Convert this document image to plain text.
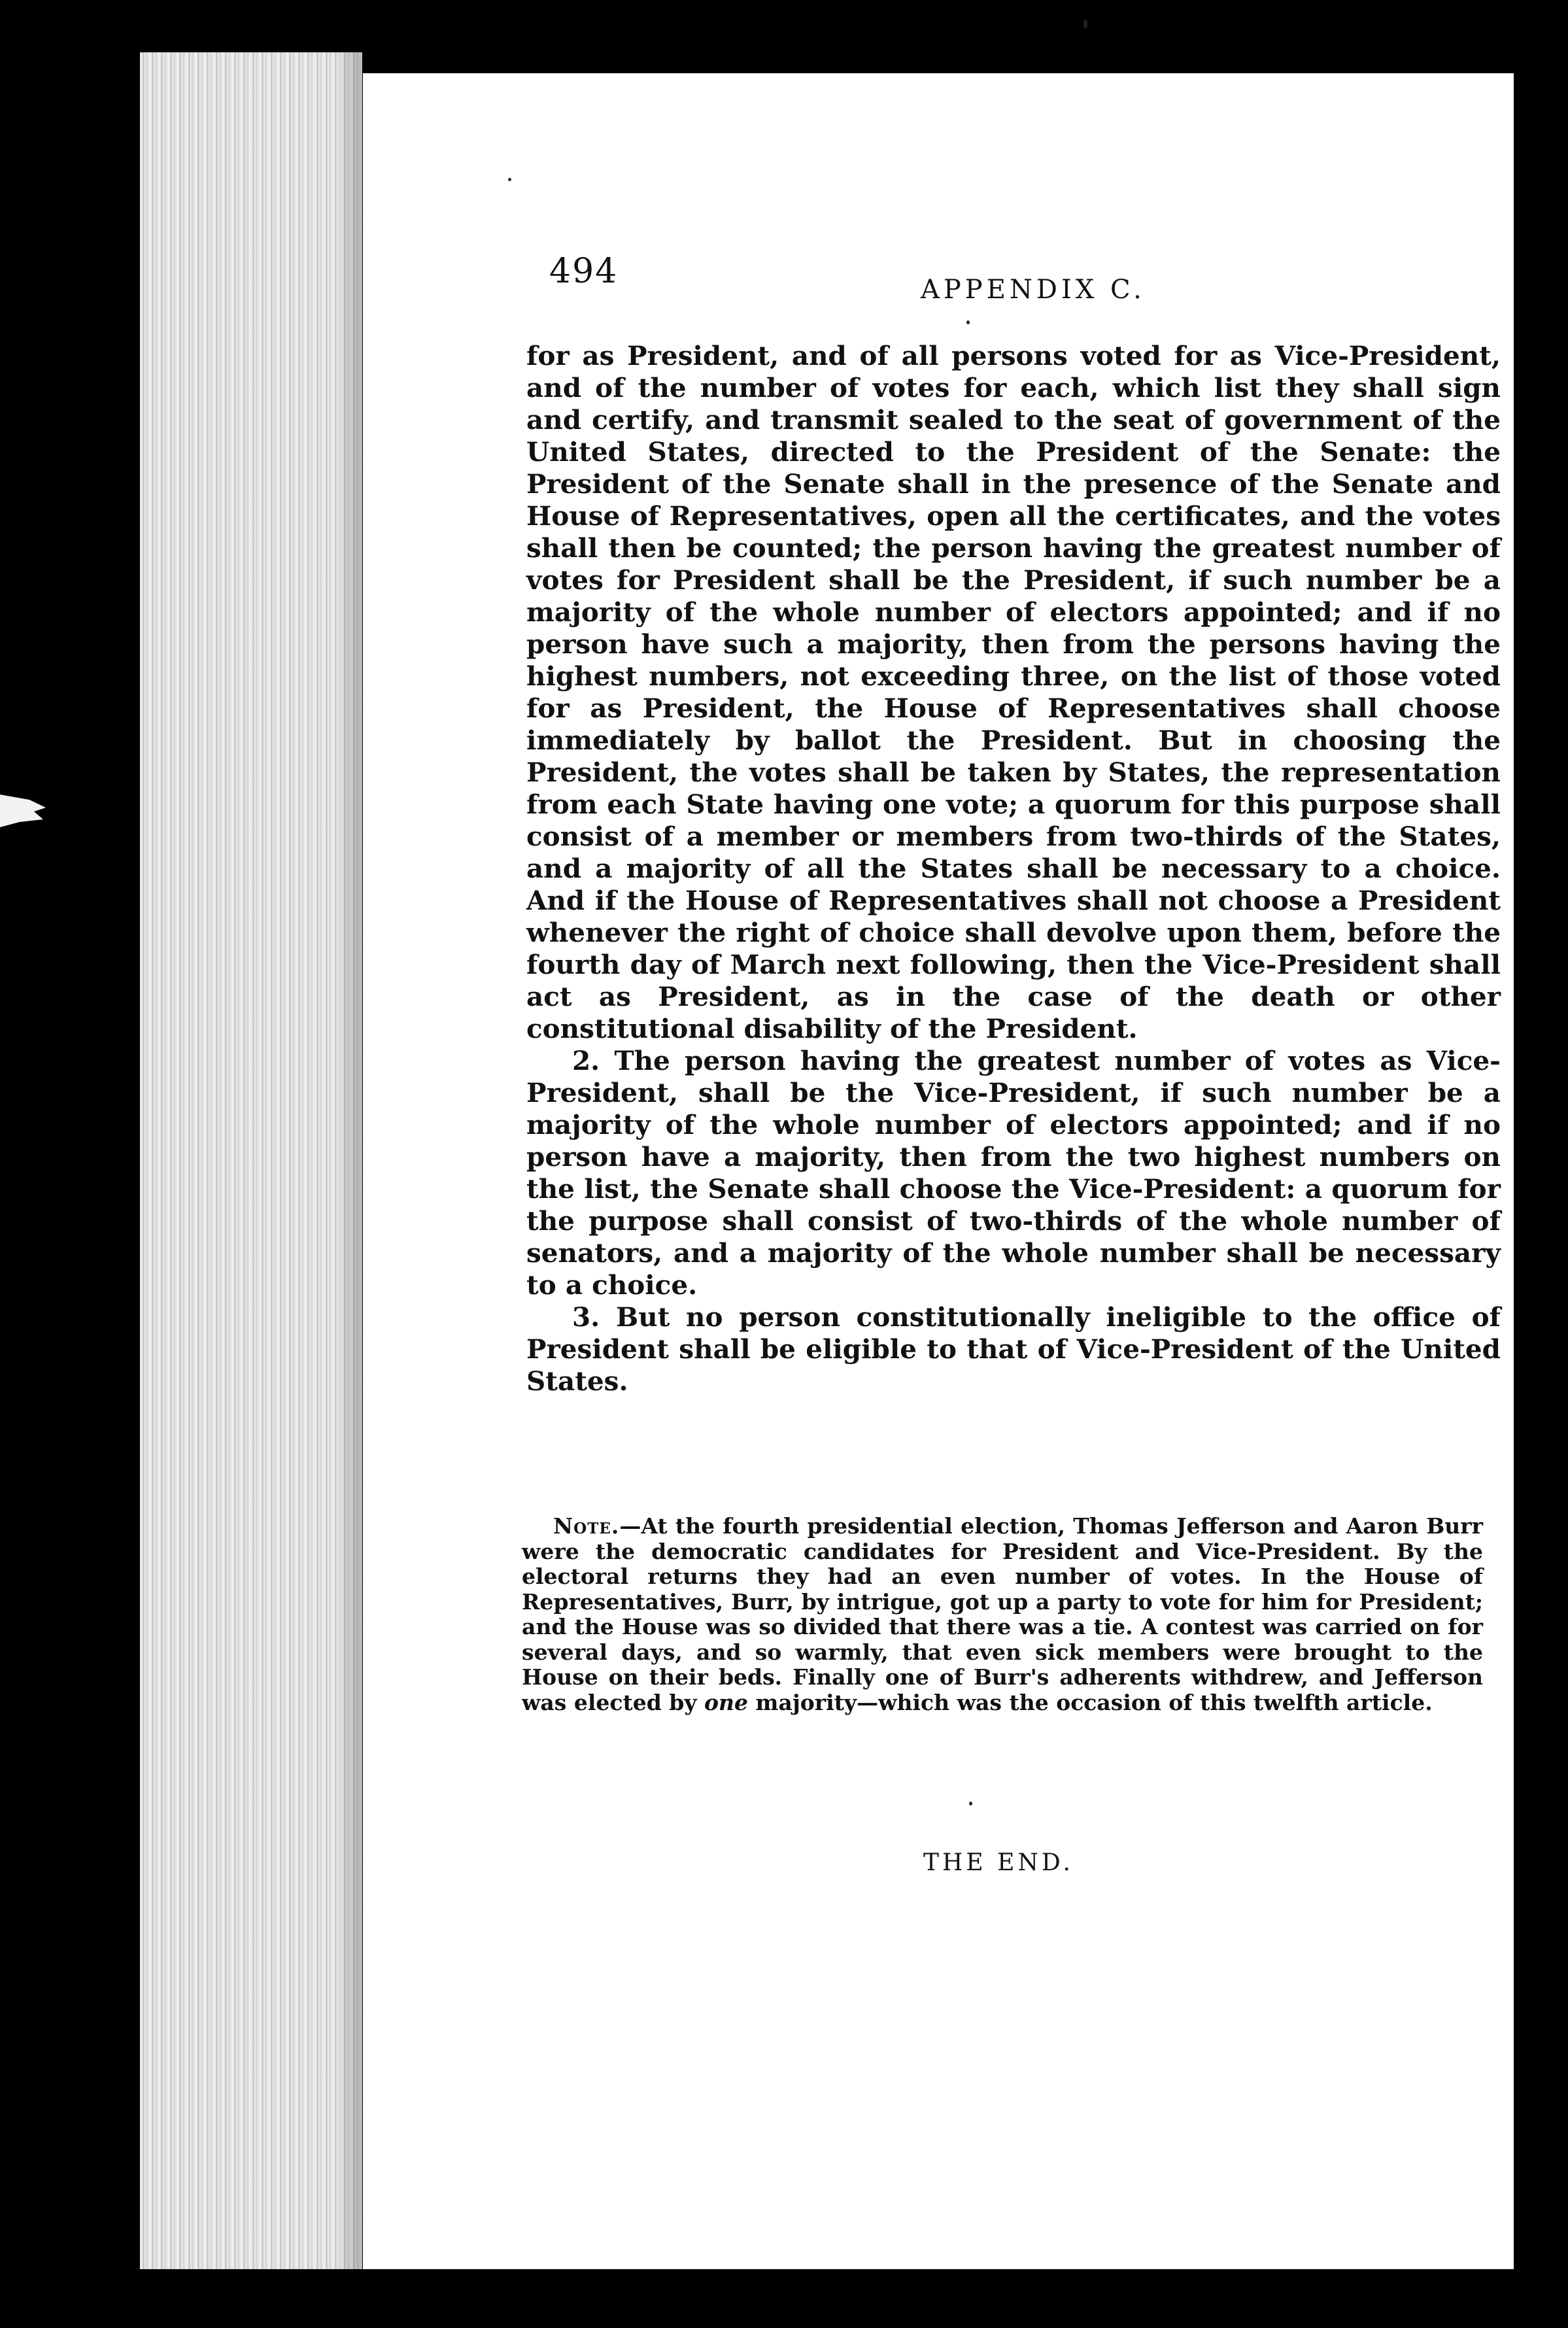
494	APPENDIX C.

for as President, and of all persons voted for as Vice-President, and of the number of votes for each, which list they shall sign and certify, and transmit sealed to the seat of government of the United States, directed to the President of the Senate: the President of the Senate shall in the presence of the Senate and House of Representatives, open all the certificates, and the votes shall then be counted; the person having the greatest number of votes for President shall be the President, if such number be a majority of the whole number of electors appointed; and if no person have such a majority, then from the persons having the highest numbers, not exceeding three, on the list of those voted for as President, the House of Representatives shall choose immediately by ballot the President. But in choosing the President, the votes shall be taken by States, the representation from each State having one vote; a quorum for this purpose shall consist of a member or members from two-thirds of the States, and a majority of all the States shall be necessary to a choice. And if the House of Representatives shall not choose a President whenever the right of choice shall devolve upon them, before the fourth day of March next following, then the Vice-President shall act as President, as in the case of the death or other constitutional disability of the President.

2. The person having the greatest number of votes as Vice-President, shall be the Vice-President, if such number be a majority of the whole number of electors appointed; and if no person have a majority, then from the two highest numbers on the list, the Senate shall choose the Vice-President: a quorum for the purpose shall consist of two-thirds of the whole number of senators, and a majority of the whole number shall be necessary to a choice.

3. But no person constitutionally ineligible to the office of President shall be eligible to that of Vice-President of the United States.

Note.—At the fourth presidential election, Thomas Jefferson and Aaron Burr were the democratic candidates for President and Vice-President. By the electoral returns they had an even number of votes. In the House of Representatives, Burr, by intrigue, got up a party to vote for him for President; and the House was so divided that there was a tie. A contest was carried on for several days, and so warmly, that even sick members were brought to the House on their beds. Finally one of Burr's adherents withdrew, and Jefferson was elected by one majority—which was the occasion of this twelfth article.
THE END.
